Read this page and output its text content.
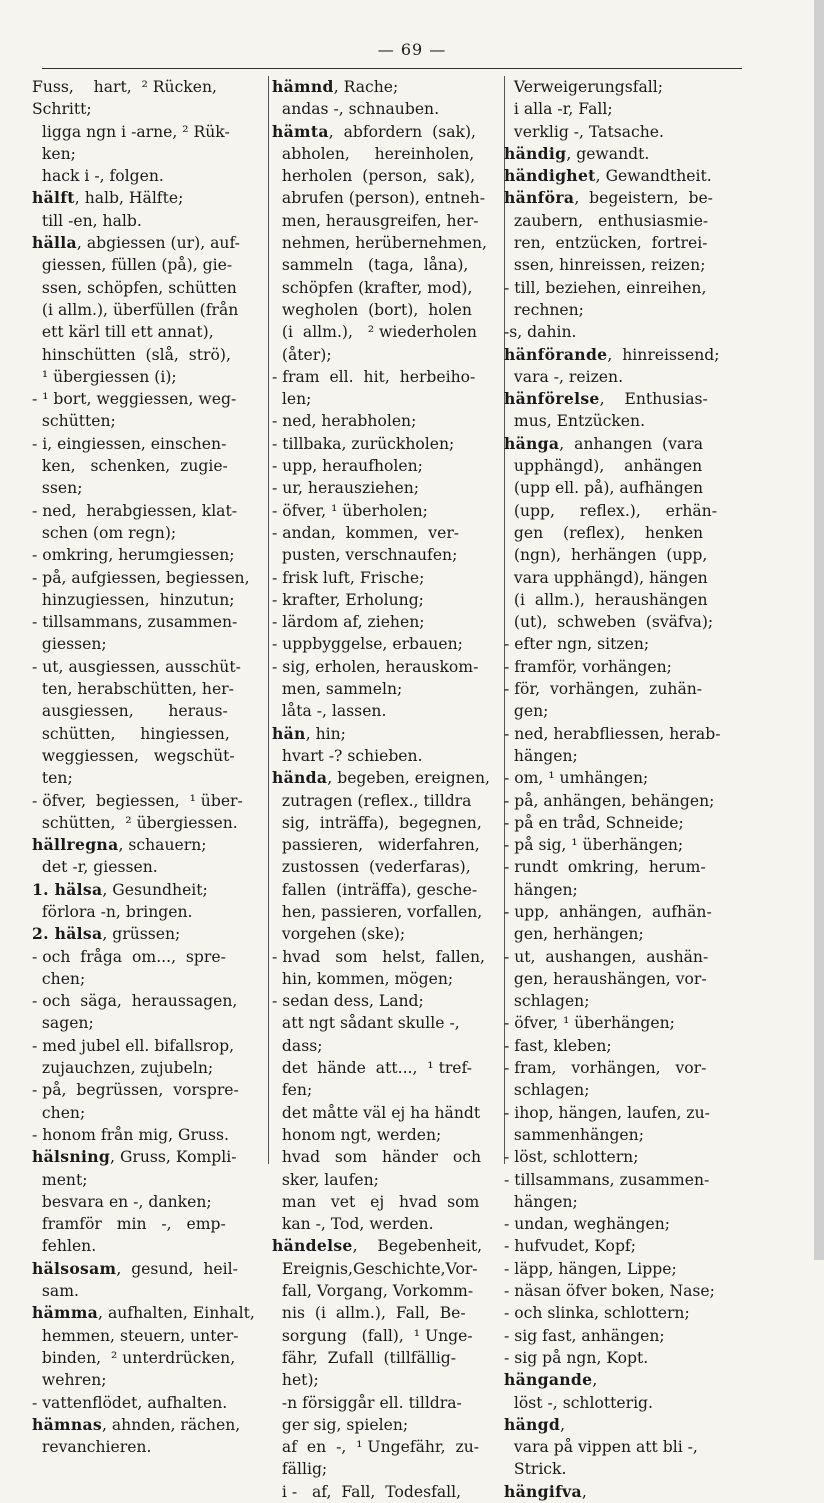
— 69 —
Fuss,    hart,  ² Rücken,
Schritt;
ligga ngn i -arne, ² Rük-
ken;
hack i -, folgen.
hälft, halb, Hälfte;
till -en, halb.
hälla, abgiessen (ur), auf-
giessen, füllen (på), gie-
ssen, schöpfen, schütten
(i allm.), überfüllen (från
ett kärl till ett annat),
hinschütten  (slå,  strö),
¹ übergiessen (i);
- ¹ bort, weggiessen, weg-
schütten;
- i, eingiessen, einschen-
ken,   schenken,  zugie-
ssen;
- ned,  herabgiessen, klat-
schen (om regn);
- omkring, herumgiessen;
- på, aufgiessen, begiessen,
hinzugiessen,  hinzutun;
- tillsammans, zusammen-
giessen;
- ut, ausgiessen, ausschüt-
ten, herabschütten, her-
ausgiessen,       heraus-
schütten,     hingiessen,
weggiessen,   wegschüt-
ten;
- öfver,  begiessen,  ¹ über-
schütten,  ² übergiessen.
hällregna, schauern;
det -r, giessen.
1. hälsa, Gesundheit;
förlora -n, bringen.
2. hälsa, grüssen;
- och  fråga  om...,  spre-
chen;
- och  säga,  heraussagen,
sagen;
- med jubel ell. bifallsrop,
zujauchzen, zujubeln;
- på,  begrüssen,  vorspre-
chen;
- honom från mig, Gruss.
hälsning, Gruss, Kompli-
ment;
besvara en -, danken;
framför   min   -,   emp-
fehlen.
hälsosam,  gesund,  heil-
sam.
hämma, aufhalten, Einhalt,
hemmen, steuern, unter-
binden,  ² unterdrücken,
wehren;
- vattenflödet, aufhalten.
hämnas, ahnden, rächen,
revanchieren.
hämnd, Rache;
andas -, schnauben.
hämta,  abfordern  (sak),
abholen,     hereinholen,
herholen  (person,  sak),
abrufen (person), entneh-
men, herausgreifen, her-
nehmen, herübernehmen,
sammeln   (taga,  låna),
schöpfen (krafter, mod),
wegholen  (bort),  holen
(i  allm.),   ² wiederholen
(åter);
- fram  ell.  hit,  herbeiho-
len;
- ned, herabholen;
- tillbaka, zurückholen;
- upp, heraufholen;
- ur, herausziehen;
- öfver, ¹ überholen;
- andan,  kommen,  ver-
pusten, verschnaufen;
- frisk luft, Frische;
- krafter, Erholung;
- lärdom af, ziehen;
- uppbyggelse, erbauen;
- sig, erholen, herauskom-
men, sammeln;
låta -, lassen.
hän, hin;
hvart -? schieben.
hända, begeben, ereignen,
zutragen (reflex., tilldra
sig,  inträffa),  begegnen,
passieren,   widerfahren,
zustossen  (vederfaras),
fallen  (inträffa), gesche-
hen, passieren, vorfallen,
vorgehen (ske);
- hvad   som   helst,  fallen,
hin, kommen, mögen;
- sedan dess, Land;
att ngt sådant skulle -,
dass;
det  hände  att...,  ¹ tref-
fen;
det måtte väl ej ha händt
honom ngt, werden;
hvad   som   händer   och
sker, laufen;
man   vet   ej   hvad  som
kan -, Tod, werden.
händelse,    Begebenheit,
Ereignis,Geschichte,Vor-
fall, Vorgang, Vorkomm-
nis  (i  allm.),  Fall,  Be-
sorgung   (fall),  ¹ Unge-
fähr,  Zufall  (tillfällig-
het);
-n försiggår ell. tilldra-
ger sig, spielen;
af  en  -,  ¹ Ungefähr,  zu-
fällig;
i -   af,  Fall,  Todesfall,
Verweigerungsfall;
i alla -r, Fall;
verklig -, Tatsache.
händig, gewandt.
händighet, Gewandtheit.
hänföra,  begeistern,  be-
zaubern,   enthusiasmie-
ren,  entzücken,  fortrei-
ssen, hinreissen, reizen;
- till, beziehen, einreihen,
rechnen;
-s, dahin.
hänförande,  hinreissend;
vara -, reizen.
hänförelse,    Enthusias-
mus, Entzücken.
hänga,  anhangen  (vara
upphängd),    anhängen
(upp ell. på), aufhängen
(upp,     reflex.),     erhän-
gen    (reflex),    henken
(ngn),  herhängen  (upp,
vara upphängd), hängen
(i  allm.),  heraushängen
(ut),  schweben  (sväfva);
- efter ngn, sitzen;
- framför, vorhängen;
- för,  vorhängen,  zuhän-
gen;
- ned, herabfliessen, herab-
hängen;
- om, ¹ umhängen;
- på, anhängen, behängen;
- på en tråd, Schneide;
- på sig, ¹ überhängen;
- rundt  omkring,  herum-
hängen;
- upp,  anhängen,  aufhän-
gen, herhängen;
- ut,  aushangen,  aushän-
gen, heraushängen, vor-
schlagen;
- öfver, ¹ überhängen;
- fast, kleben;
- fram,   vorhängen,   vor-
schlagen;
- ihop, hängen, laufen, zu-
sammenhängen;
- löst, schlottern;
- tillsammans, zusammen-
hängen;
- undan, weghängen;
- hufvudet, Kopf;
- läpp, hängen, Lippe;
- näsan öfver boken, Nase;
- och slinka, schlottern;
- sig fast, anhängen;
- sig på ngn, Kopt.
hängande,
löst -, schlotterig.
hängd,
vara på vippen att bli -,
Strick.
hängifva,
